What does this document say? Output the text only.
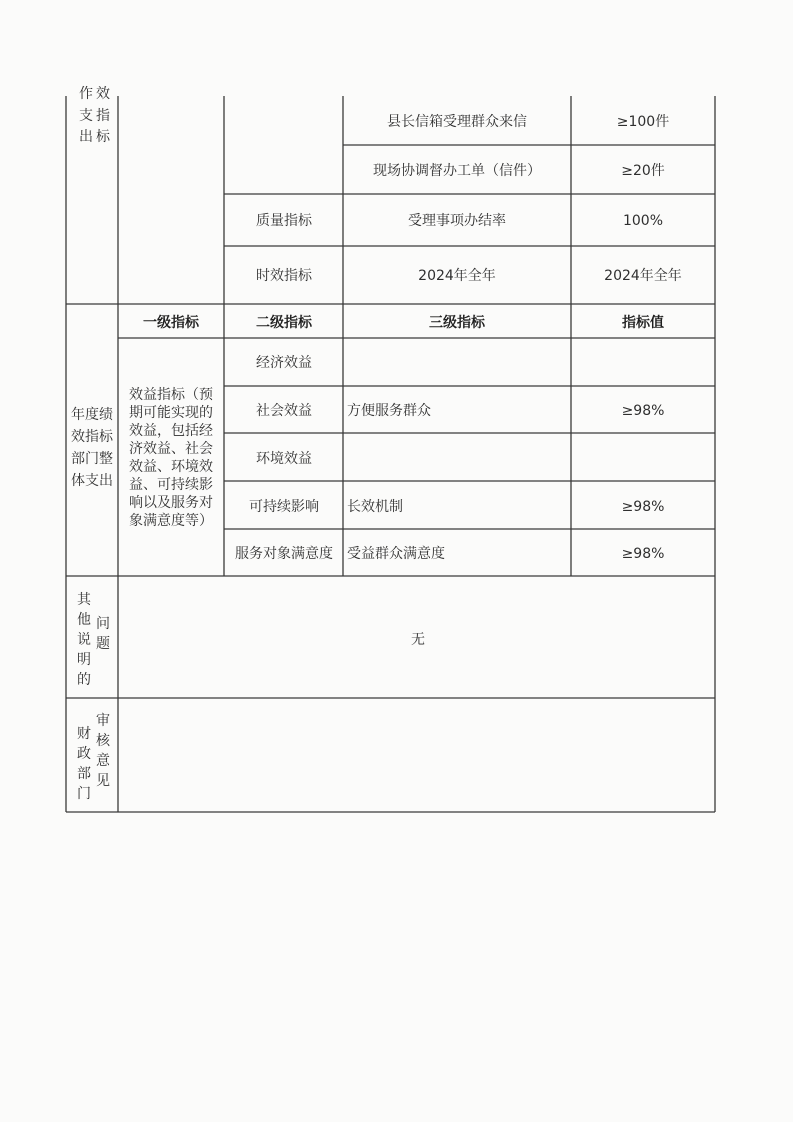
作
支
出
效
指
标
县长信箱受理群众来信	≥100件
现场协调督办工单（信件）	≥20件
质量指标	受理事项办结率	100%
时效指标	2024年全年	2024年全年
一级指标	二级指标	三级指标	指标值
年度绩
效指标
部门整
体支出
效益指标（预
期可能实现的
效益，包括经
济效益、社会
效益、环境效
益、可持续影
响以及服务对
象满意度等）
经济效益
社会效益	方便服务群众	≥98%
环境效益
可持续影响 长效机制	≥98%
服务对象满意度 受益群众满意度	≥98%
其
他
说
明
的
问
题	无
财
政
部
门
审
核
意
见
